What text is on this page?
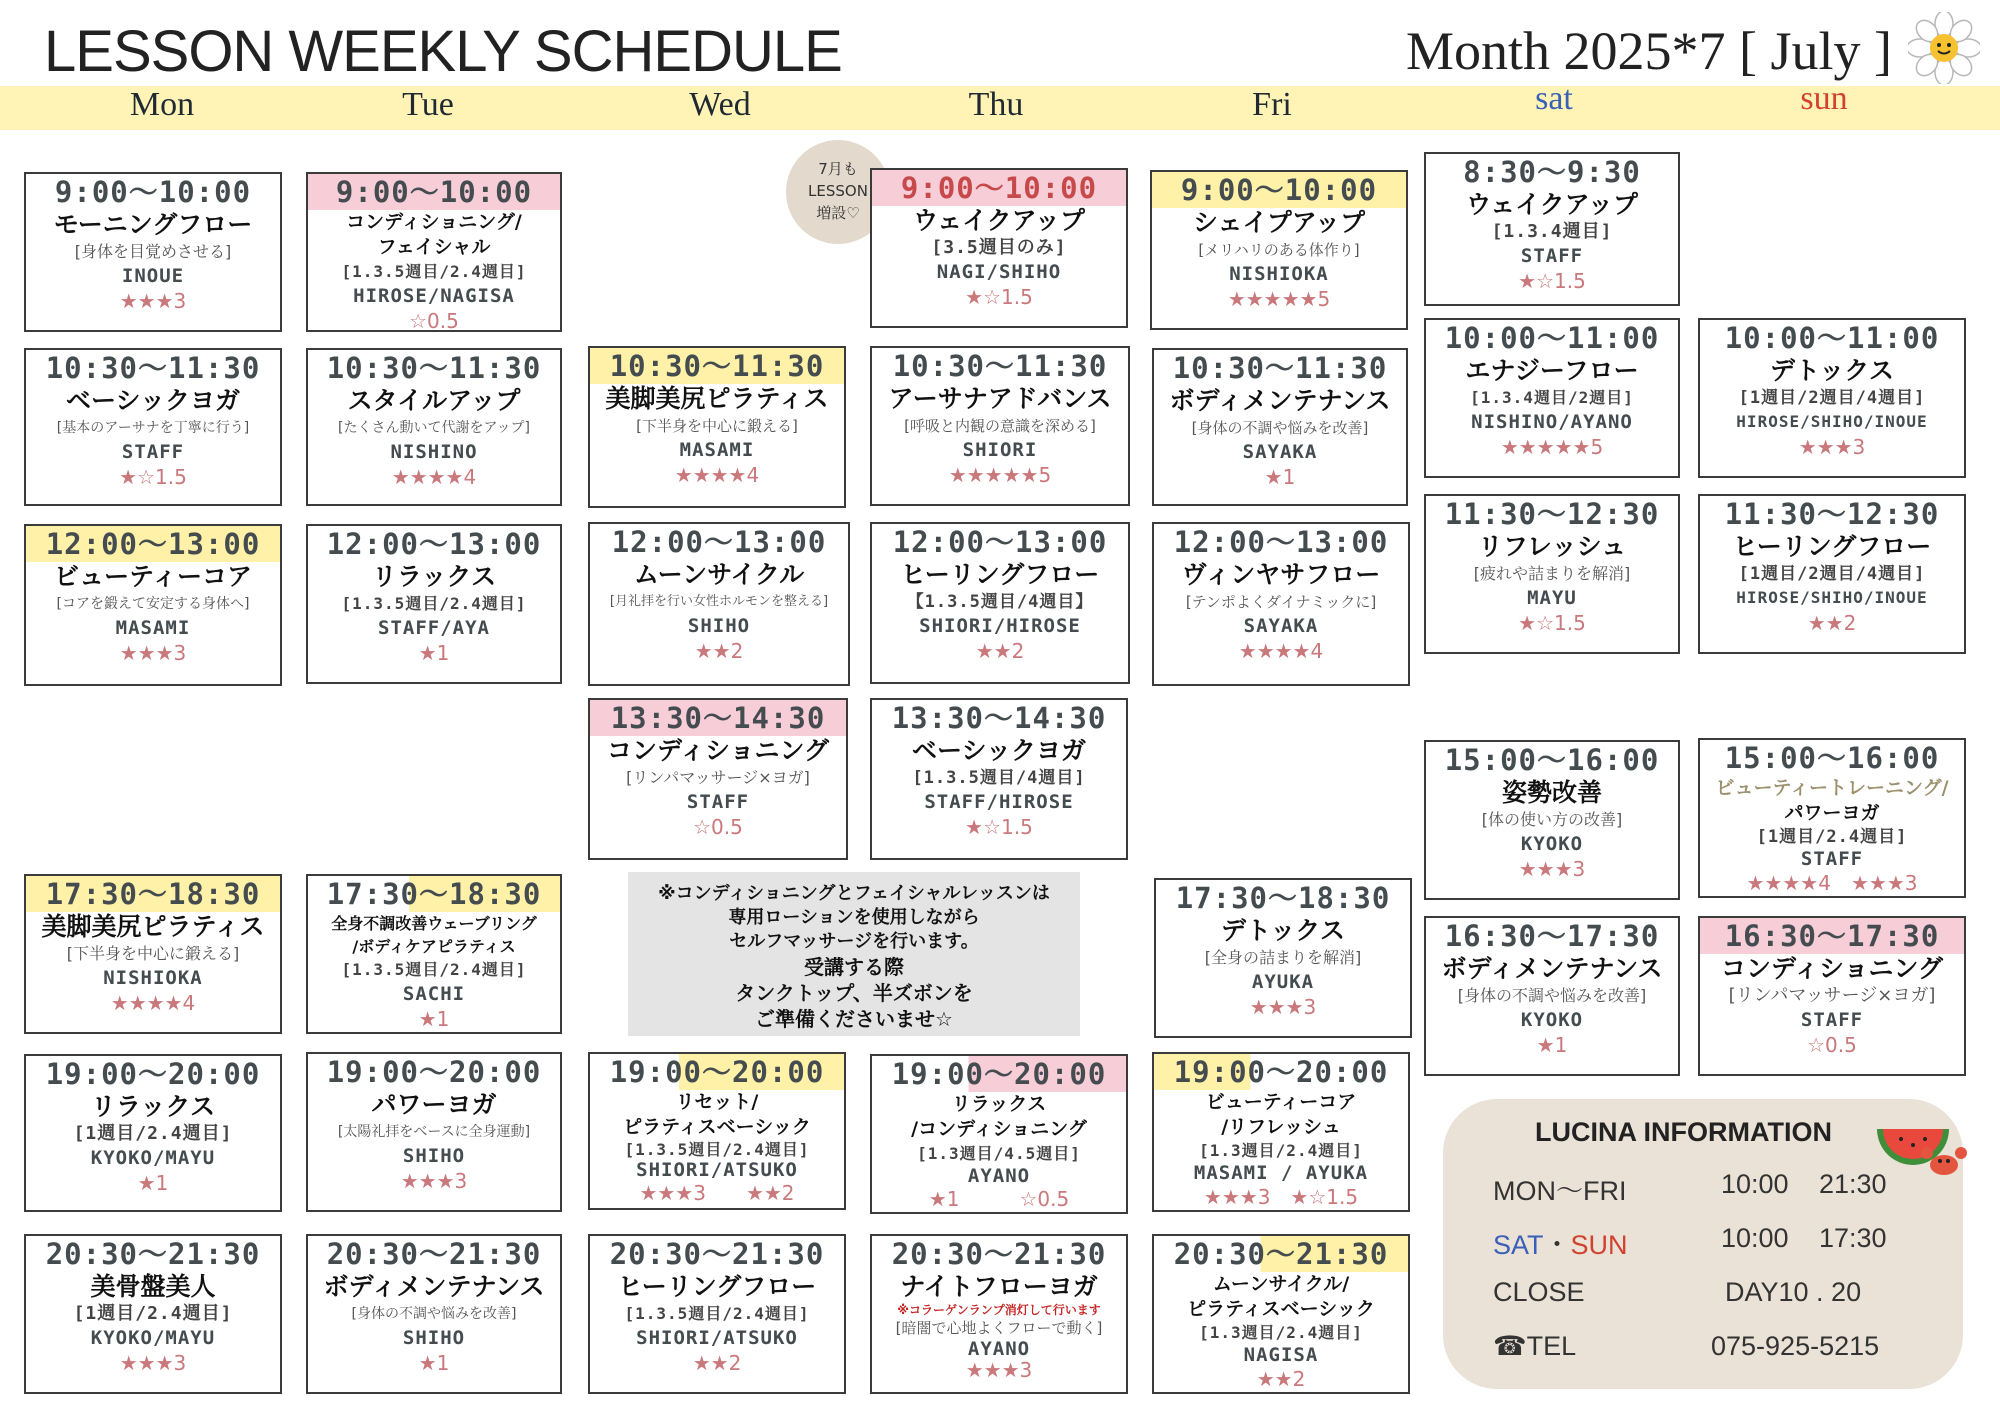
LESSON WEEKLY SCHEDULE	Month 2025*7 [ July ]
Mon	Tue	Wed	Thu	Fri	sat	sun
7月も
LESSON
増設♡
9:00〜10:00
モーニングフロー
[身体を目覚めさせる]
INOUE
★★★3
10:30〜11:30
ベーシックヨガ
[基本のアーサナを丁寧に行う]
STAFF
★☆1.5
12:00〜13:00
ビューティーコア
[コアを鍛えて安定する身体へ]
MASAMI
★★★3
17:30〜18:30
美脚美尻ピラティス
[下半身を中心に鍛える]
NISHIOKA
★★★★4
19:00〜20:00
リラックス
[1週目/2.4週目]
KYOKO/MAYU
★1
20:30〜21:30
美骨盤美人
[1週目/2.4週目]
KYOKO/MAYU
★★★3
9:00〜10:00
コンディショニング/
フェイシャル
[1.3.5週目/2.4週目]
HIROSE/NAGISA
☆0.5
10:30〜11:30
スタイルアップ
[たくさん動いて代謝をアップ]
NISHINO
★★★★4
12:00〜13:00
リラックス
[1.3.5週目/2.4週目]
STAFF/AYA
★1
17:30〜18:30
全身不調改善ウェーブリング
/ボディケアピラティス
[1.3.5週目/2.4週目]
SACHI
★1
19:00〜20:00
パワーヨガ
[太陽礼拝をベースに全身運動]
SHIHO
★★★3
20:30〜21:30
ボディメンテナンス
[身体の不調や悩みを改善]
SHIHO
★1
10:30〜11:30
美脚美尻ピラティス
[下半身を中心に鍛える]
MASAMI
★★★★4
12:00〜13:00
ムーンサイクル
[月礼拝を行い女性ホルモンを整える]
SHIHO
★★2
13:30〜14:30
コンディショニング
[リンパマッサージ×ヨガ]
STAFF
☆0.5
19:00〜20:00
リセット/
ピラティスベーシック
[1.3.5週目/2.4週目]
SHIORI/ATSUKO
★★★3　　★★2
20:30〜21:30
ヒーリングフロー
[1.3.5週目/2.4週目]
SHIORI/ATSUKO
★★2
9:00〜10:00
ウェイクアップ
[3.5週目のみ]
NAGI/SHIHO
★☆1.5
10:30〜11:30
アーサナアドバンス
[呼吸と内観の意識を深める]
SHIORI
★★★★★5
12:00〜13:00
ヒーリングフロー
【1.3.5週目/4週目】
SHIORI/HIROSE
★★2
13:30〜14:30
ベーシックヨガ
[1.3.5週目/4週目]
STAFF/HIROSE
★☆1.5
19:00〜20:00
リラックス
/コンディショニング
[1.3週目/4.5週目]
AYANO
★1　　　☆0.5
20:30〜21:30
ナイトフローヨガ
※コラーゲンランプ消灯して行います
[暗闇で心地よくフローで動く]
AYANO
★★★3
9:00〜10:00
シェイプアップ
[メリハリのある体作り]
NISHIOKA
★★★★★5
10:30〜11:30
ボディメンテナンス
[身体の不調や悩みを改善]
SAYAKA
★1
12:00〜13:00
ヴィンヤサフロー
[テンポよくダイナミックに]
SAYAKA
★★★★4
17:30〜18:30
デトックス
[全身の詰まりを解消]
AYUKA
★★★3
19:00〜20:00
ビューティーコア
/リフレッシュ
[1.3週目/2.4週目]
MASAMI / AYUKA
★★★3　★☆1.5
20:30〜21:30
ムーンサイクル/
ピラティスベーシック
[1.3週目/2.4週目]
NAGISA
★★2
8:30〜9:30
ウェイクアップ
[1.3.4週目]
STAFF
★☆1.5
10:00〜11:00
エナジーフロー
[1.3.4週目/2週目]
NISHINO/AYANO
★★★★★5
11:30〜12:30
リフレッシュ
[疲れや詰まりを解消]
MAYU
★☆1.5
15:00〜16:00
姿勢改善
[体の使い方の改善]
KYOKO
★★★3
16:30〜17:30
ボディメンテナンス
[身体の不調や悩みを改善]
KYOKO
★1
10:00〜11:00
デトックス
[1週目/2週目/4週目]
HIROSE/SHIHO/INOUE
★★★3
11:30〜12:30
ヒーリングフロー
[1週目/2週目/4週目]
HIROSE/SHIHO/INOUE
★★2
15:00〜16:00
ビューティートレーニング/
パワーヨガ
[1週目/2.4週目]
STAFF
★★★★4　★★★3
16:30〜17:30
コンディショニング
[リンパマッサージ×ヨガ]
STAFF
☆0.5
※コンディショニングとフェイシャルレッスンは
専用ローションを使用しながら
セルフマッサージを行います。
受講する際
タンクトップ、半ズボンを
ご準備くださいませ☆
LUCINA INFORMATION
MON〜FRI	10:00 21:30
SAT・SUN	10:00 17:30
CLOSE	DAY10 . 20
☎TEL	075-925-5215
